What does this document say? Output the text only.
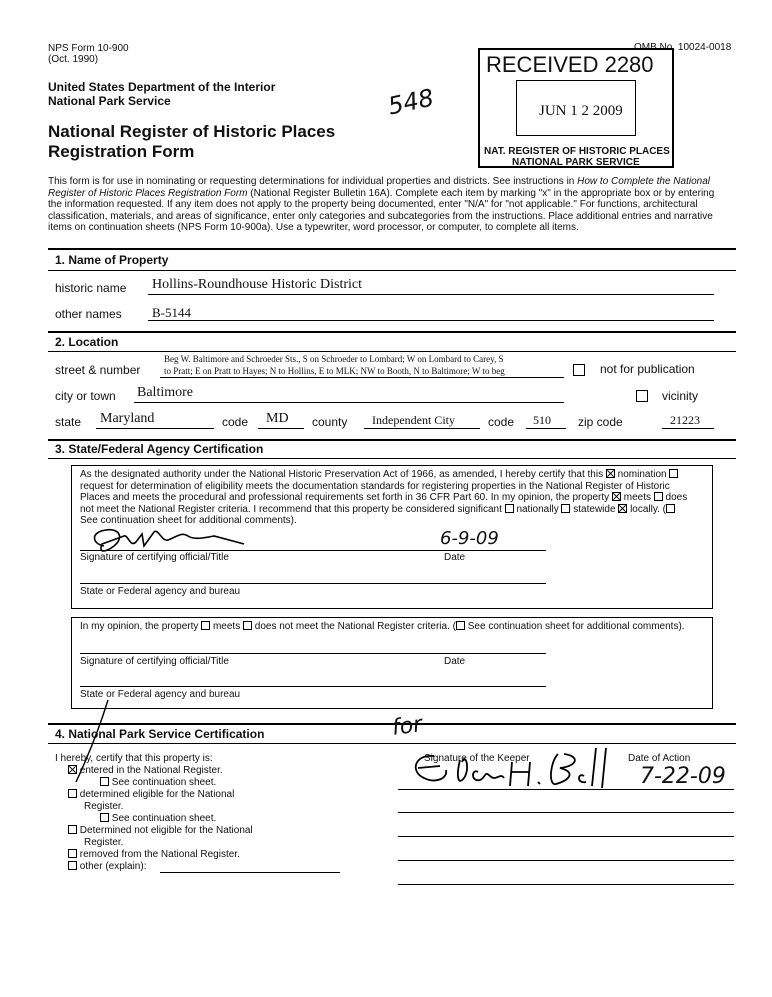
NPS Form 10-900
(Oct. 1990)
OMB No. 10024-0018
United States Department of the Interior
National Park Service
National Register of Historic Places
Registration Form
548
RECEIVED 2280
JUN 1 2 2009
NAT. REGISTER OF HISTORIC PLACES
NATIONAL PARK SERVICE
This form is for use in nominating or requesting determinations for individual properties and districts. See instructions in How to Complete the National
Register of Historic Places Registration Form (National Register Bulletin 16A). Complete each item by marking "x" in the appropriate box or by entering
the information requested. If any item does not apply to the property being documented, enter "N/A" for "not applicable." For functions, architectural
classification, materials, and areas of significance, enter only categories and subcategories from the instructions. Place additional entries and narrative
items on continuation sheets (NPS Form 10-900a). Use a typewriter, word processor, or computer, to complete all items.
1. Name of Property
historic name Hollins-Roundhouse Historic District
other names B-5144
2. Location
street & number
Beg W. Baltimore and Schroeder Sts., S on Schroeder to Lombard; W on Lombard to Carey, S
to Pratt; E on Pratt to Hayes; N to Hollins, E to MLK; NW to Booth, N to Baltimore; W to beg	not for publication
city or town Baltimore	vicinity
state Maryland	code MD county Independent City	code 510 zip code	21223
3. State/Federal Agency Certification
As the designated authority under the National Historic Preservation Act of 1966, as amended, I hereby certify that this nomination
request for determination of eligibility meets the documentation standards for registering properties in the National Register of Historic
Places and meets the procedural and professional requirements set forth in 36 CFR Part 60. In my opinion, the property meets does
not meet the National Register criteria. I recommend that this property be considered significant nationally statewide locally. (
See continuation sheet for additional comments).
6-9-09
Signature of certifying official/Title	Date
State or Federal agency and bureau
In my opinion, the property meets does not meet the National Register criteria. ( See continuation sheet for additional comments).
Signature of certifying official/Title	Date
State or Federal agency and bureau
4. National Park Service Certification
I hereby, certify that this property is:
entered in the National Register.
See continuation sheet.
determined eligible for the National
Register.
See continuation sheet.
Determined not eligible for the National
Register.
removed from the National Register.
other (explain):
Signature of the Keeper	Date of Action
for
7-22-09
